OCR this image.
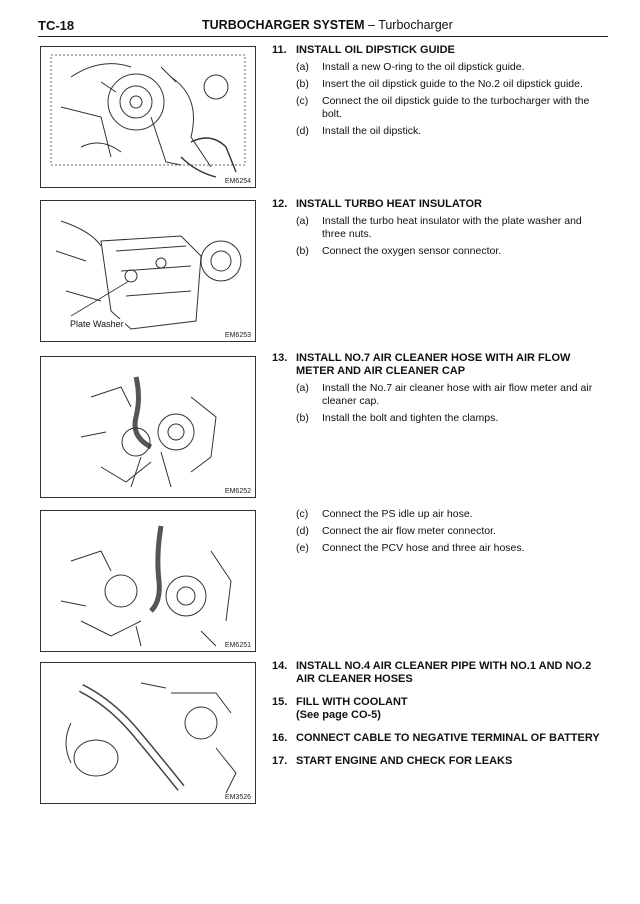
TC-18	TURBOCHARGER SYSTEM – Turbocharger
EM6254
Plate Washer
EM6253
EM6252
EM6251
EM3526
11. INSTALL OIL DIPSTICK GUIDE
(a)	Install a new O-ring to the oil dipstick guide.
(b)	Insert the oil dipstick guide to the No.2 oil dipstick guide.
(c)	Connect the oil dipstick guide to the turbocharger with the bolt.
(d)	Install the oil dipstick.
12. INSTALL TURBO HEAT INSULATOR
(a)	Install the turbo heat insulator with the plate washer and three nuts.
(b)	Connect the oxygen sensor connector.
13. INSTALL NO.7 AIR CLEANER HOSE WITH AIR FLOW METER AND AIR CLEANER CAP
(a)	Install the No.7 air cleaner hose with air flow meter and air cleaner cap.
(b)	Install the bolt and tighten the clamps.
(c)	Connect the PS idle up air hose.
(d)	Connect the air flow meter connector.
(e)	Connect the PCV hose and three air hoses.
14. INSTALL NO.4 AIR CLEANER PIPE WITH NO.1 AND NO.2 AIR CLEANER HOSES
15. FILL WITH COOLANT
(See page CO-5)
16. CONNECT CABLE TO NEGATIVE TERMINAL OF BATTERY
17. START ENGINE AND CHECK FOR LEAKS
